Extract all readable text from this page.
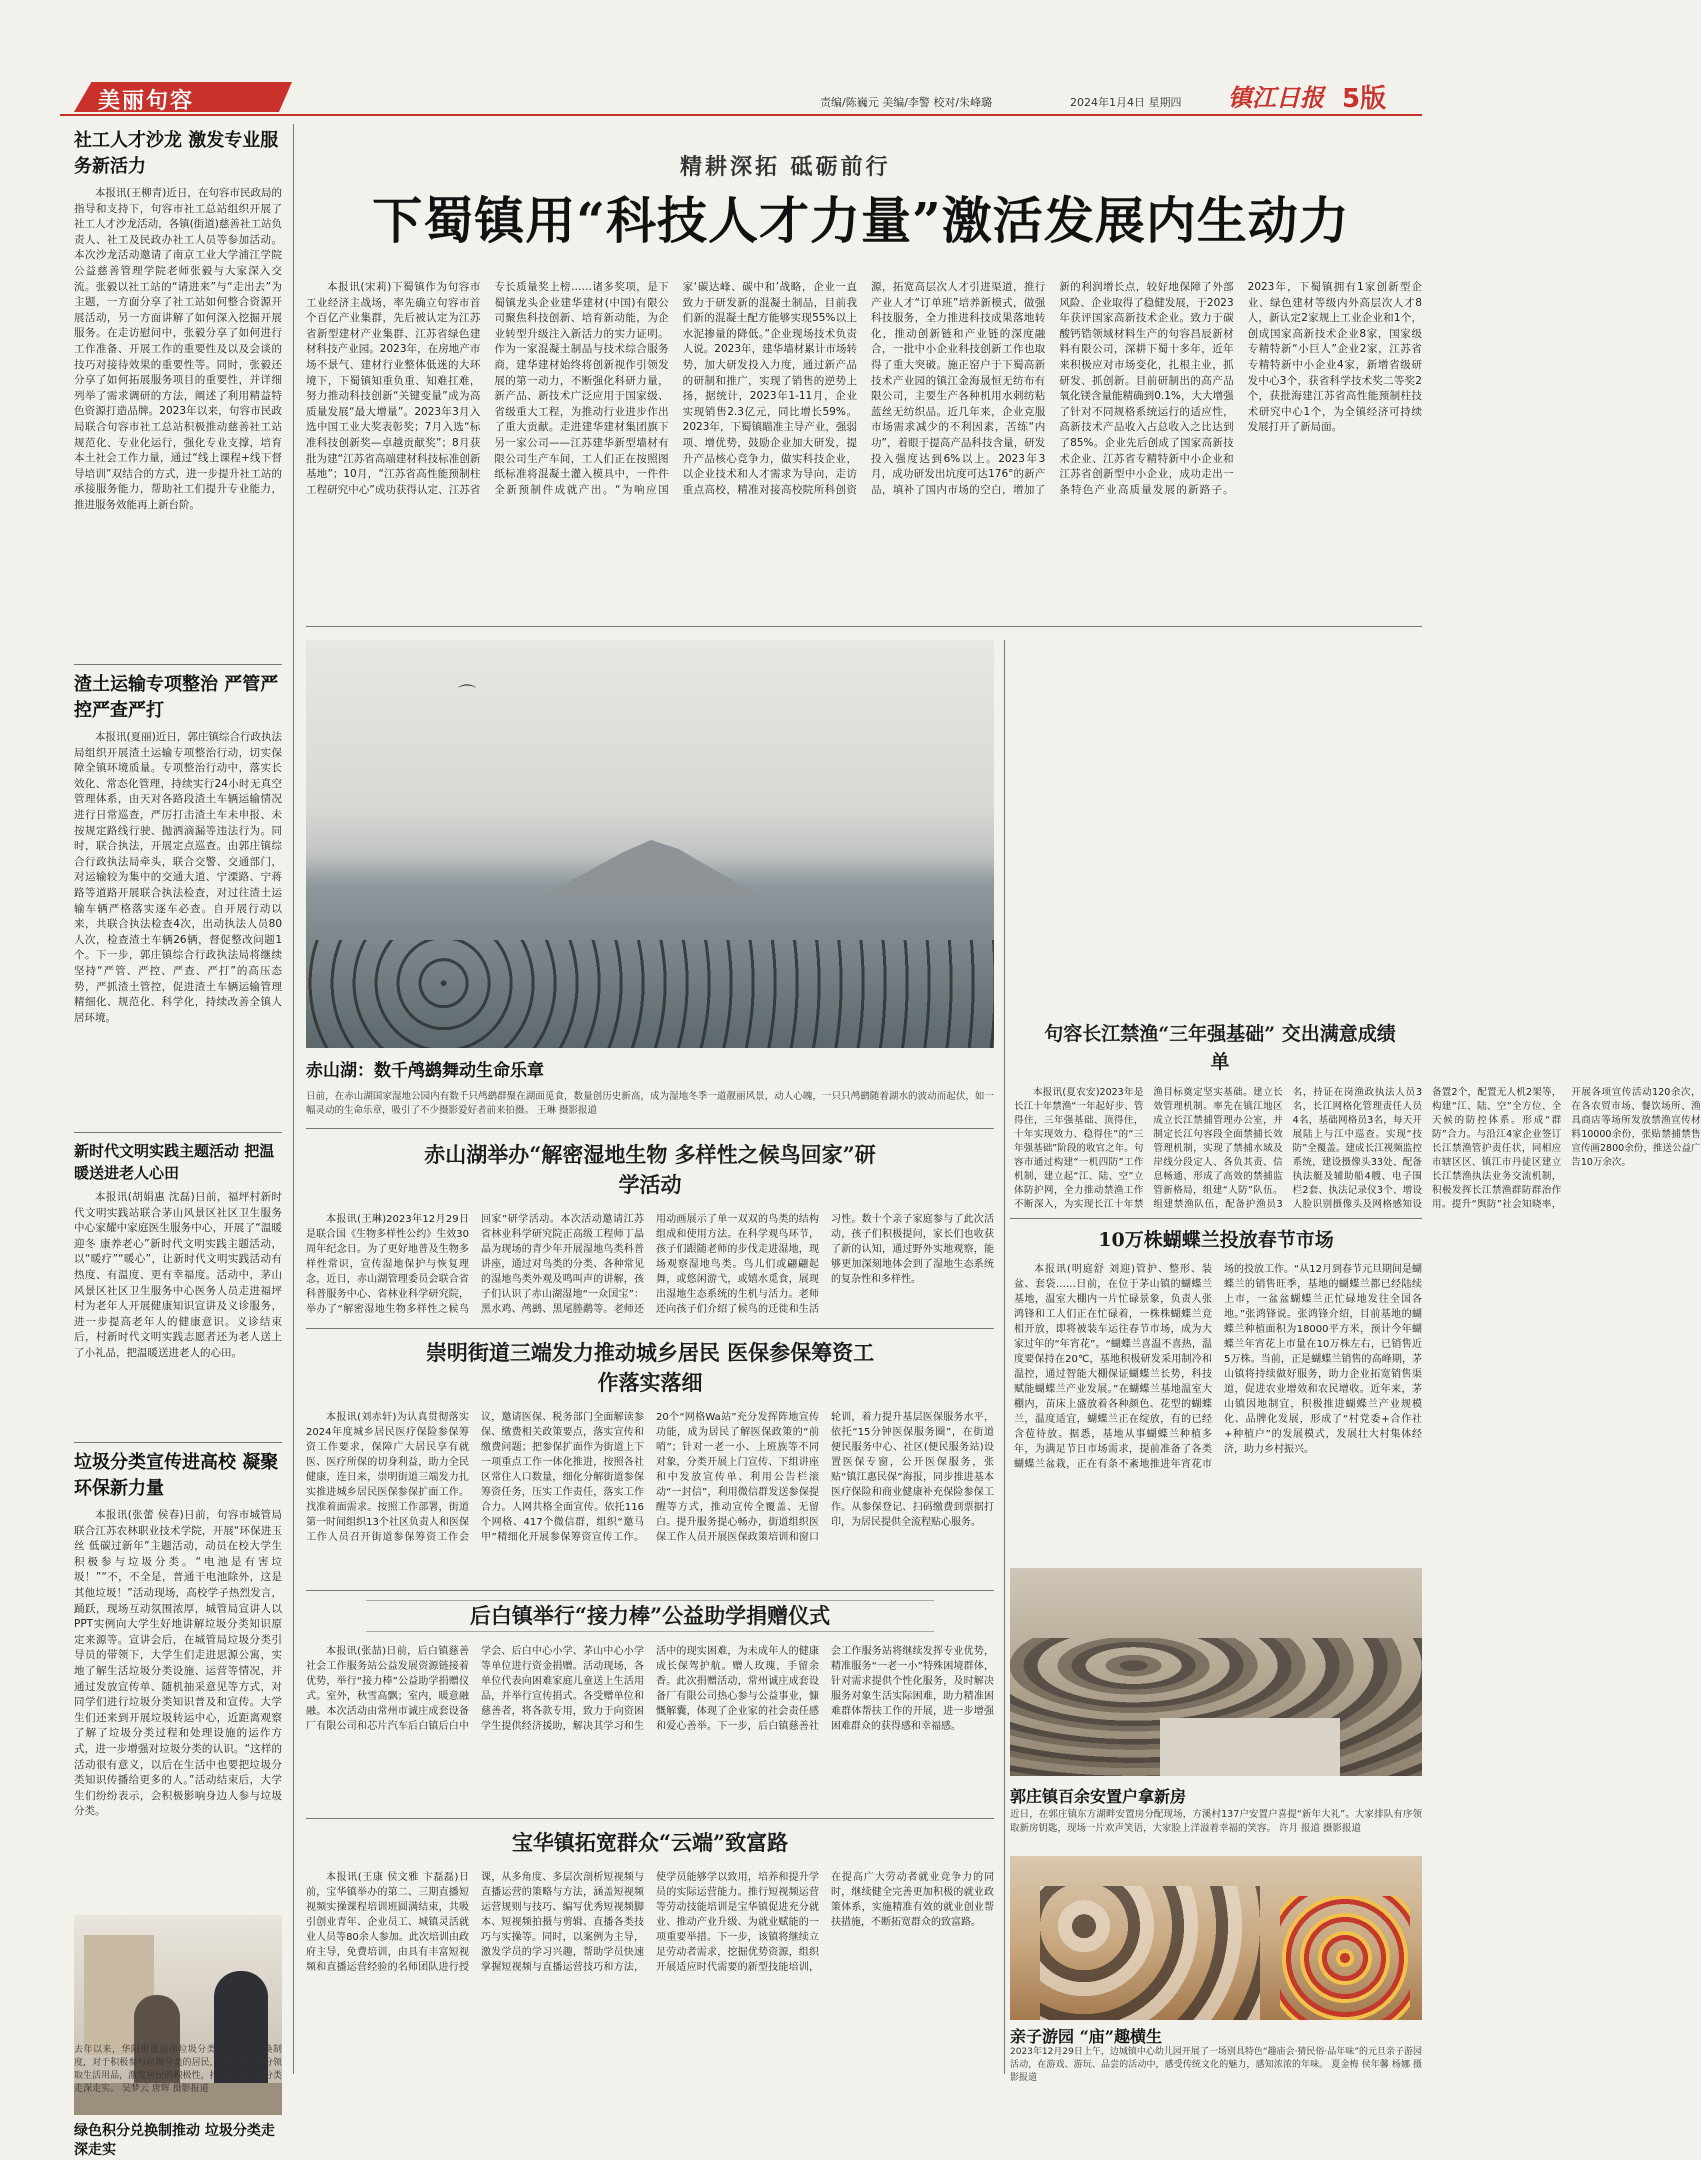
美丽句容	责编/陈巍元 美编/李警 校对/朱峰璐	2024年1月4日 星期四 镇江日报 5版
社工人才沙龙 激发专业服务新活力
本报讯(王柳青)近日，在句容市民政局的指导和支持下，句容市社工总站组织开展了社工人才沙龙活动，各镇(街道)慈善社工站负责人、社工及民政办社工人员等参加活动。本次沙龙活动邀请了南京工业大学浦江学院公益慈善管理学院老师张毅与大家深入交流。张毅以社工站的“请进来”与“走出去”为主题，一方面分享了社工站如何整合资源开展活动，另一方面讲解了如何深入挖掘开展服务。在走访慰问中，张毅分享了如何进行工作准备、开展工作的重要性及以及会谈的技巧对接待效果的重要性等。同时，张毅还分享了如何拓展服务项目的重要性，并详细列举了需求调研的方法，阐述了利用精益特色资源打造品牌。2023年以来，句容市民政局联合句容市社工总站积极推动慈善社工站规范化、专业化运行，强化专业支撑，培育本土社会工作力量，通过“线上课程+线下督导培训”双结合的方式，进一步提升社工站的承接服务能力，帮助社工们提升专业能力，推进服务效能再上新台阶。
渣土运输专项整治 严管严控严查严打
本报讯(夏丽)近日，郭庄镇综合行政执法局组织开展渣土运输专项整治行动，切实保障全镇环境质量。专项整治行动中，落实长效化、常态化管理，持续实行24小时无真空管理体系，由天对各路段渣土车辆运输情况进行日常巡查，严厉打击渣土车未申报、未按规定路线行驶、抛洒滴漏等违法行为。同时，联合执法，开展定点巡查。由郭庄镇综合行政执法局牵头，联合交警、交通部门，对运输较为集中的交通大道、宁溧路、宁蒋路等道路开展联合执法检查，对过往渣土运输车辆严格落实逐车必查。自开展行动以来，共联合执法检查4次，出动执法人员80人次，检查渣土车辆26辆，督促整改问题1个。下一步，郭庄镇综合行政执法局将继续坚持“严管、严控、严查、严打”的高压态势，严抓渣土管控，促进渣土车辆运输管理精细化、规范化、科学化，持续改善全镇人居环境。
新时代文明实践主题活动 把温暖送进老人心田
本报讯(胡娟惠 沈磊)日前，福坪村新时代文明实践站联合茅山风景区社区卫生服务中心家耀中家庭医生服务中心，开展了“温暖迎冬 康养老心”新时代文明实践主题活动，以“暖疗”“暖心”，让新时代文明实践活动有热度、有温度、更有幸福度。活动中，茅山风景区社区卫生服务中心医务人员走进福坪村为老年人开展健康知识宣讲及义诊服务，进一步提高老年人的健康意识。义诊结束后，村新时代文明实践志愿者还为老人送上了小礼品，把温暖送进老人的心田。
垃圾分类宣传进高校 凝聚环保新力量
本报讯(张蕾 侯春)日前，句容市城管局联合江苏农林职业技术学院，开展“环保进玉丝 低碳过新年”主题活动，动员在校大学生积极参与垃圾分类。“电池是有害垃圾！”“不，不全是，普通干电池除外，这是其他垃圾！”活动现场，高校学子热烈发言，踊跃，现场互动氛围浓厚，城管局宣讲人以PPT实例向大学生好地讲解垃圾分类知识原定来源等。宣讲会后，在城管局垃圾分类引导员的带领下，大学生们走进思源公寓，实地了解生活垃圾分类设施、运营等情况，并通过发放宣传单、随机抽采意见等方式，对同学们进行垃圾分类知识普及和宣传。大学生们还来到开展垃圾转运中心，近距离观察了解了垃圾分类过程和处理设施的运作方式，进一步增强对垃圾分类的认识。“这样的活动很有意义，以后在生活中也要把垃圾分类知识传播给更多的人。”活动结束后，大学生们纷纷表示，会积极影响身边人参与垃圾分类。
绿色积分兑换制推动 垃圾分类走深走实
去年以来，华阳街道运用垃圾分类绿色积分兑换制度，对于积极参与垃圾分类的居民，可以兑换积分领取生活用品，激发居民的积极性，持续推动垃圾分类走深走实。 吴梦云 唐辉 摄影报道
精耕深拓 砥砺前行
下蜀镇用“科技人才力量”激活发展内生动力
本报讯(宋莉)下蜀镇作为句容市工业经济主战场，率先确立句容市首个百亿产业集群，先后被认定为江苏省新型建材产业集群、江苏省绿色建材科技产业园。2023年，在房地产市场不景气、建材行业整体低迷的大环境下，下蜀镇知重负重、知难扛难，努力推动科技创新“关键变量”成为高质量发展“最大增量”。2023年3月入选中国工业大奖表彰奖；7月入选“标准科技创新奖—卓越贡献奖”；8月获批为建“江苏省高端建材科技标准创新基地”；10月，“江苏省高性能预制柱工程研究中心”成功获得认定、江苏省专长质量奖上榜……诸多奖项，是下蜀镇龙头企业建华建材(中国)有限公司聚焦科技创新、培育新动能，为企业转型升级注入新活力的实力证明。作为一家混凝土制品与技术综合服务商，建华建材始终将创新视作引领发展的第一动力，不断强化科研力量，新产品、新技术广泛应用于国家级、省级重大工程，为推动行业进步作出了重大贡献。走进建华建材集团旗下另一家公司——江苏建华新型墙材有限公司生产车间，工人们正在按照图纸标准将混凝土灌入模具中，一件件全新预制件成就产出。“为响应国家‘碳达峰、碳中和’战略，企业一直致力于研发新的混凝土制品，目前我们新的混凝土配方能够实现55%以上水泥掺量的降低。”企业现场技术负责人说。2023年，建华墙材累计市场转势，加大研发投入力度，通过新产品的研制和推广，实现了销售的逆势上扬，据统计，2023年1-11月，企业实现销售2.3亿元，同比增长59%。2023年，下蜀镇瞄准主导产业，强弱项、增优势，鼓励企业加大研发，提升产品核心竞争力，做实科技企业，以企业技术和人才需求为导向，走访重点高校，精准对接高校院所科创资源，拓宽高层次人才引进渠道，推行产业人才“订单班”培养新模式，做强科技服务，全力推进科技成果落地转化，推动创新链和产业链的深度融合，一批中小企业科技创新工作也取得了重大突破。施正窑户于下蜀高新技术产业园的镇江金海晟恒无纺布有限公司，主要生产各种机用水刺纺粘蓝丝无纺织品。近几年来，企业克服市场需求减少的不利因素，苦练“内功”，着眼于提高产品科技含量，研发投入强度达到6%以上。2023年3月，成功研发出坑度可达176°的新产品，填补了国内市场的空白，增加了新的利润增长点，较好地保障了外部风险、企业取得了稳健发展，于2023年获评国家高新技术企业。致力于碳酸钙锆领域材料生产的句容昌辰新材料有限公司，深耕下蜀十多年，近年来积极应对市场变化，扎根主业，抓研发、抓创新。目前研制出的高产品氧化镁含量能精确到0.1%，大大增强了针对不同规格系统运行的适应性，高新技术产品收入占总收入之比达到了85%。企业先后创成了国家高新技术企业、江苏省专精特新中小企业和江苏省创新型中小企业，成功走出一条特色产业高质量发展的新路子。2023年，下蜀镇拥有1家创新型企业、绿色建材等级内外高层次人才8人，新认定2家规上工业企业和1个，创成国家高新技术企业8家，国家级专精特新“小巨人”企业2家，江苏省专精特新中小企业4家，新增省级研发中心3个，获省科学技术奖二等奖2个，获批海建江苏省高性能预制柱技术研究中心1个，为全镇经济可持续发展打开了新局面。
⌒
赤山湖：数千鸬鹚舞动生命乐章
日前，在赤山湖国家湿地公园内有数千只鸬鹚群聚在湖面觅食，数量创历史新高，成为湿地冬季一道靓丽风景，动人心魄，一只只鸬鹚随着湖水的波动而起伏，如一幅灵动的生命乐章，吸引了不少摄影爱好者前来拍摄。 王琳 摄影报道
赤山湖举办“解密湿地生物 多样性之候鸟回家”研学活动
本报讯(王琳)2023年12月29日是联合国《生物多样性公约》生效30周年纪念日。为了更好地普及生物多样性常识，宣传湿地保护与恢复理念，近日，赤山湖管理委员会联合省科普服务中心、省林业科学研究院，举办了“解密湿地生物多样性之候鸟回家”研学活动。本次活动邀请江苏省林业科学研究院正高级工程师丁晶晶为现场的青少年开展湿地鸟类科普讲座，通过对鸟类的分类、各种常见的湿地鸟类外观及鸣叫声的讲解，孩子们认识了赤山湖湿地“一众国宝”：黑水鸡、鸬鹚、黑尾塍鹬等。老师还用动画展示了单一双双的鸟类的结构组成和使用方法。在科学观鸟环节，孩子们跟随老师的步伐走进湿地，现场观察湿地鸟类。鸟儿们或翩翩起舞，或悠闲游弋，或嬉水觅食，展现出湿地生态系统的生机与活力。老师还向孩子们介绍了候鸟的迁徙和生活习性。数十个亲子家庭参与了此次活动，孩子们积极提问，家长们也收获了新的认知，通过野外实地观察，能够更加深刻地体会到了湿地生态系统的复杂性和多样性。
崇明街道三端发力推动城乡居民 医保参保筹资工作落实落细
本报讯(刘赤轩)为认真贯彻落实2024年度城乡居民医疗保险参保筹资工作要求，保障广大居民享有就医、医疗所保的切身利益，助力全民健康，连日来，崇明街道三端发力扎实推进城乡居民医保参保扩面工作。找准着面需求。按照工作部署，街道第一时间组织13个社区负责人和医保工作人员召开街道参保筹资工作会议，邀请医保、税务部门全面解读参保、缴费相关政策要点，落实宣传和缴费问题；把参保扩面作为街道上下一项重点工作一体化推进，按照各社区常住人口数量，细化分解街道参保筹资任务，压实工作责任，落实工作合力。人网共格全面宣传。依托116个网格、417个微信群，组织“邀马甲”精细化开展参保筹资宣传工作。20个“网格Wa站”充分发挥阵地宣传功能，成为居民了解医保政策的“前哨”；针对一老一小、上班族等不同对象，分类开展上门宣传、下组讲座和中发放宣传单、利用公告栏滚动“一封信”，利用微信群发送参保提醒等方式，推动宣传全覆盖、无留白。提升服务提心畅办，街道组织医保工作人员开展医保政策培训和窗口轮训，着力提升基层医保服务水平，依托“15分钟医保服务圈”，在街道便民服务中心、社区(便民服务站)设置医保专窗，公开医保服务，张贴“镇江惠民保”海报，同步推进基本医疗保险和商业健康补充保险参保工作。从参保登记、扫码缴费到票据打印，为居民提供全流程贴心服务。
后白镇举行“接力棒”公益助学捐赠仪式
本报讯(张喆)日前，后白镇慈善社会工作服务站公益发展资源链接着优势，举行“接力棒”公益助学捐赠仪式。室外，秋雪高飘；室内，暖意融融。本次活动由常州市诚庄成套设备厂有限公司和芯片汽车后白镇后白中学会、后白中心小学、茅山中心小学等单位进行资金捐赠。活动现场，各单位代表向困难家庭儿童送上生活用品，并举行宣传捐式。各受赠单位和慈善者，将各款专用，致力于向资困学生提供经济援助，解决其学习和生活中的现实困难，为未成年人的健康成长保驾护航。赠人玫瑰，手留余香。此次捐赠活动，常州诚庄成套设备厂有限公司热心参与公益事业，慷慨解囊，体现了企业家的社会责任感和爱心善举。下一步，后白镇慈善社会工作服务站将继续发挥专业优势，精准服务“一老一小”特殊困境群体，针对需求提供个性化服务，及时解决服务对象生活实际困难，助力精准困难群体帮扶工作的开展，进一步增强困难群众的获得感和幸福感。
宝华镇拓宽群众“云端”致富路
本报讯(王康 侯文雅 卞磊磊)日前，宝华镇举办的第二、三期直播短视频实操课程培训班圆满结束，共吸引创业青年、企业员工、城镇灵活就业人员等80余人参加。此次培训由政府主导，免费培训，由具有丰富短视频和直播运营经验的名师团队进行授课，从多角度、多层次剖析短视频与直播运营的策略与方法，涵盖短视频运营规则与技巧、编写优秀短视频脚本、短视频拍摄与剪辑、直播各类技巧与实操等。同时，以案例为主导，激发学员的学习兴趣，帮助学员快速掌握短视频与直播运营技巧和方法，使学员能够学以致用，培养和提升学员的实际运营能力。推行短视频运营等劳动技能培训是宝华镇促进充分就业、推动产业升级、为就业赋能的一项重要举措。下一步，该镇将继续立足劳动者需求，挖掘优势资源，组织开展适应时代需要的新型技能培训，在提高广大劳动者就业竞争力的同时，继续健全完善更加积极的就业政策体系，实施精准有效的就业创业帮扶措施，不断拓宽群众的致富路。
句容长江禁渔“三年强基础” 交出满意成绩单
10万株蝴蝶兰投放春节市场
本报讯(明庭舒 刘迎)管护、整形、装盆、套袋……日前，在位于茅山镇的蝴蝶兰基地，温室大棚内一片忙碌景象，负责人张鸿锋和工人们正在忙碌着，一株株蝴蝶兰竞相开放，即将被装车运往春节市场，成为大家过年的“年宵花”。“蝴蝶兰喜温不喜热，温度要保持在20℃，基地积极研发采用制冷和温控，通过智能大棚保证蝴蝶兰长势，科技赋能蝴蝶兰产业发展。”在蝴蝶兰基地温室大棚内，苗床上盛放着各种颜色、花型的蝴蝶兰，温度适宜，蝴蝶兰正在绽放，有的已经含苞待放。据悉，基地从事蝴蝶兰种植多年，为满足节日市场需求，提前准备了各类蝴蝶兰盆栽，正在有条不紊地推进年宵花市场的投放工作。“从12月到春节元旦期间是蝴蝶兰的销售旺季，基地的蝴蝶兰都已经陆续上市，一盆盆蝴蝶兰正忙碌地发往全国各地。”张鸿锋说。张鸿锋介绍，目前基地的蝴蝶兰种植面积为18000平方米，预计今年蝴蝶兰年宵花上市量在10万株左右，已销售近5万株。当前，正是蝴蝶兰销售的高峰期，茅山镇将持续做好服务，助力企业拓宽销售渠道，促进农业增效和农民增收。近年来，茅山镇因地制宜，积极推进蝴蝶兰产业规模化、品牌化发展，形成了“村党委+合作社+种植户”的发展模式，发展壮大村集体经济，助力乡村振兴。
郭庄镇百余安置户拿新房
近日，在郭庄镇东方湖畔安置房分配现场，方溪村137户安置户喜提“新年大礼”。大家排队有序领取新房钥匙，现场一片欢声笑语，大家脸上洋溢着幸福的笑容。 许月 报道 摄影报道
亲子游园 “庙”趣横生
2023年12月29日上午，边城镇中心幼儿园开展了一场别具特色“趣庙会·猜民俗·品年味”的元旦亲子游园活动，在游戏、游玩、品尝的活动中，感受传统文化的魅力，感知浓浓的年味。 夏金梅 侯年馨 杨娜 摄影报道
本报讯(夏农安)2023年是长江十年禁渔“一年起好步、管得住，三年强基础、顶得住，十年实现效力、稳得住”的“三年强基础”阶段的收官之年。句容市通过构建“一机四防”工作机制，建立起“江、陆、空”立体防护网，全力推动禁渔工作不断深入，为实现长江十年禁渔目标奠定坚实基础。建立长效管理机制。率先在镇江地区成立长江禁捕管理办公室，并制定长江句容段全面禁捕长效管理机制，实现了禁捕水域及岸线分段定人、各负其责、信息畅通、形成了高效的禁捕监管新格局，组建“人防”队伍。组建禁渔队伍，配备护渔员3名，持证在岗渔政执法人员3名，长江网格化管理责任人员4名，基础网格员3名，每天开展陆上与江中巡查。实现“技防”全覆盖。建成长江视频监控系统，建设摄像头33处、配备执法艇及辅助船4艘、电子围栏2套、执法记录仪3个、增设人脸识别摄像头及网格感知设备置2个，配置无人机2架等，构建“江、陆、空”全方位、全天候的防控体系。形成“群防”合力。与沿江4家企业签订长江禁渔管护责任状，同相应市辖区区、镇江市丹徒区建立长江禁渔执法业务交流机制，积极发挥长江禁渔群防群治作用。提升“舆防”社会知晓率，开展各项宣传活动120余次，在各农贸市场、餐饮场所、渔具商店等场所发放禁渔宣传材料10000余份，张贴禁捕禁售宣传画2800余份，推送公益广告10万余次。
